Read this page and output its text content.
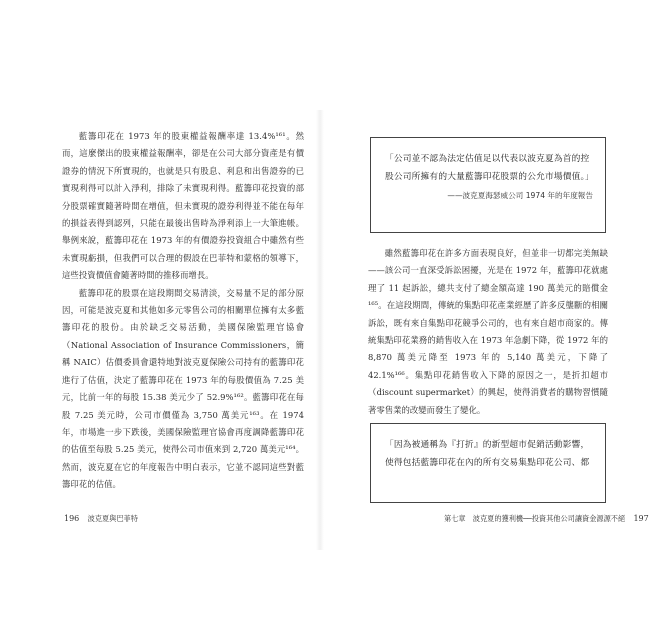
藍籌印花在 1973 年的股東權益報酬率達 13.4%¹⁶¹。然而，這麼傑出的股東權益報酬率，卻是在公司大部分資產是有價證券的情況下所實現的，也就是只有股息、利息和出售證券的已實現利得可以計入淨利，排除了未實現利得。藍籌印花投資的部分股票確實隨著時間在增值，但未實現的證券利得並不能在每年的損益表得到認列，只能在最後出售時為淨利添上一大筆進帳。舉例來說，藍籌印花在 1973 年的有價證券投資組合中雖然有些未實現虧損，但我們可以合理的假設在巴菲特和蒙格的領導下，這些投資價值會隨著時間的推移而增長。

藍籌印花的股票在這段期間交易清淡，交易量不足的部分原因，可能是波克夏和其他如多元零售公司的相關單位擁有太多藍籌印花的股份。由於缺乏交易活動，美國保險監理官協會（National Association of Insurance Commissioners，簡稱 NAIC）估價委員會還特地對波克夏保險公司持有的藍籌印花進行了估值，決定了藍籌印花在 1973 年的每股價值為 7.25 美元，比前一年的每股 15.38 美元少了 52.9%¹⁶²。藍籌印花在每股 7.25 美元時，公司市價僅為 3,750 萬美元¹⁶³。在 1974 年，市場進一步下跌後，美國保險監理官協會再度調降藍籌印花的估值至每股 5.25 美元，使得公司市值來到 2,720 萬美元¹⁶⁴。然而，波克夏在它的年度報告中明白表示，它並不認同這些對藍籌印花的估值。

196 波克夏與巴菲特
「公司並不認為法定估值足以代表以波克夏為首的控股公司所擁有的大量藍籌印花股票的公允市場價值。」
——波克夏海瑟威公司 1974 年的年度報告

雖然藍籌印花在許多方面表現良好，但並非一切都完美無缺——該公司一直深受訴訟困擾，光是在 1972 年，藍籌印花就處理了 11 起訴訟，總共支付了總金額高達 190 萬美元的賠償金¹⁶⁵。在這段期間，傳統的集點印花產業經歷了許多反壟斷的相關訴訟，既有來自集點印花競爭公司的，也有來自超市商家的。傳統集點印花業務的銷售收入在 1973 年急劇下降，從 1972 年的 8,870 萬美元降至 1973 年的 5,140 萬美元，下降了 42.1%¹⁶⁶。集點印花銷售收入下降的原因之一，是折扣超市（discount supermarket）的興起，使得消費者的購物習慣隨著零售業的改變而發生了變化。

「因為被通稱為『打折』的新型超市促銷活動影響，使得包括藍籌印花在內的所有交易集點印花公司、都
第七章　波克夏的獲利機──投資其他公司讓資金源源不絕 197
